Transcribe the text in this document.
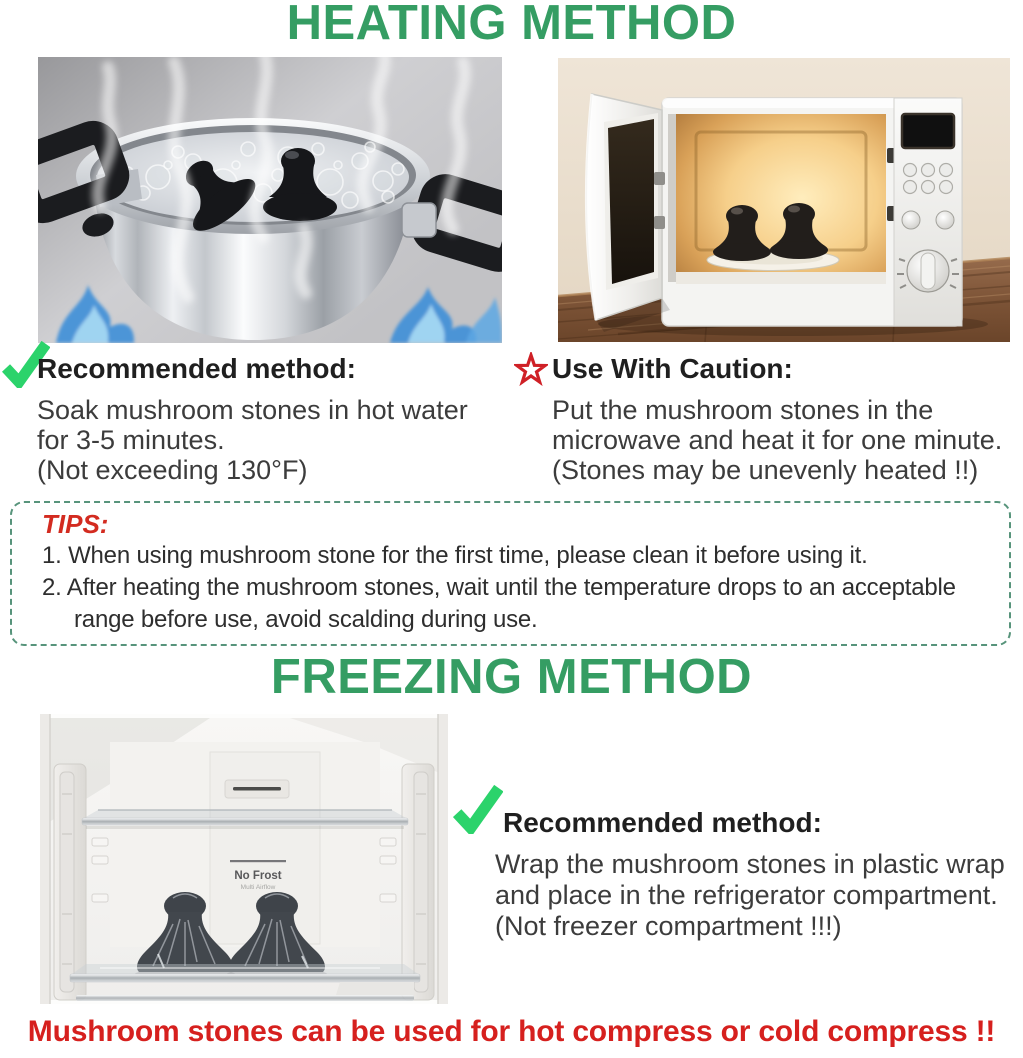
HEATING METHOD
Recommended method:
Soak mushroom stones in hot water
for 3-5 minutes.
(Not exceeding 130°F)
Use With Caution:
Put the mushroom stones in the
microwave and heat it for one minute.
(Stones may be unevenly heated !!)
TIPS:
1. When using mushroom stone for the first time, please clean it before using it.
2. After heating the mushroom stones, wait until the temperature drops to an acceptable range before use, avoid scalding during use.
FREEZING METHOD
No Frost
Multi Airflow
Recommended method:
Wrap the mushroom stones in plastic wrap
and place in the refrigerator compartment.
(Not freezer compartment !!!)
Mushroom stones can be used for hot compress or cold compress !!
